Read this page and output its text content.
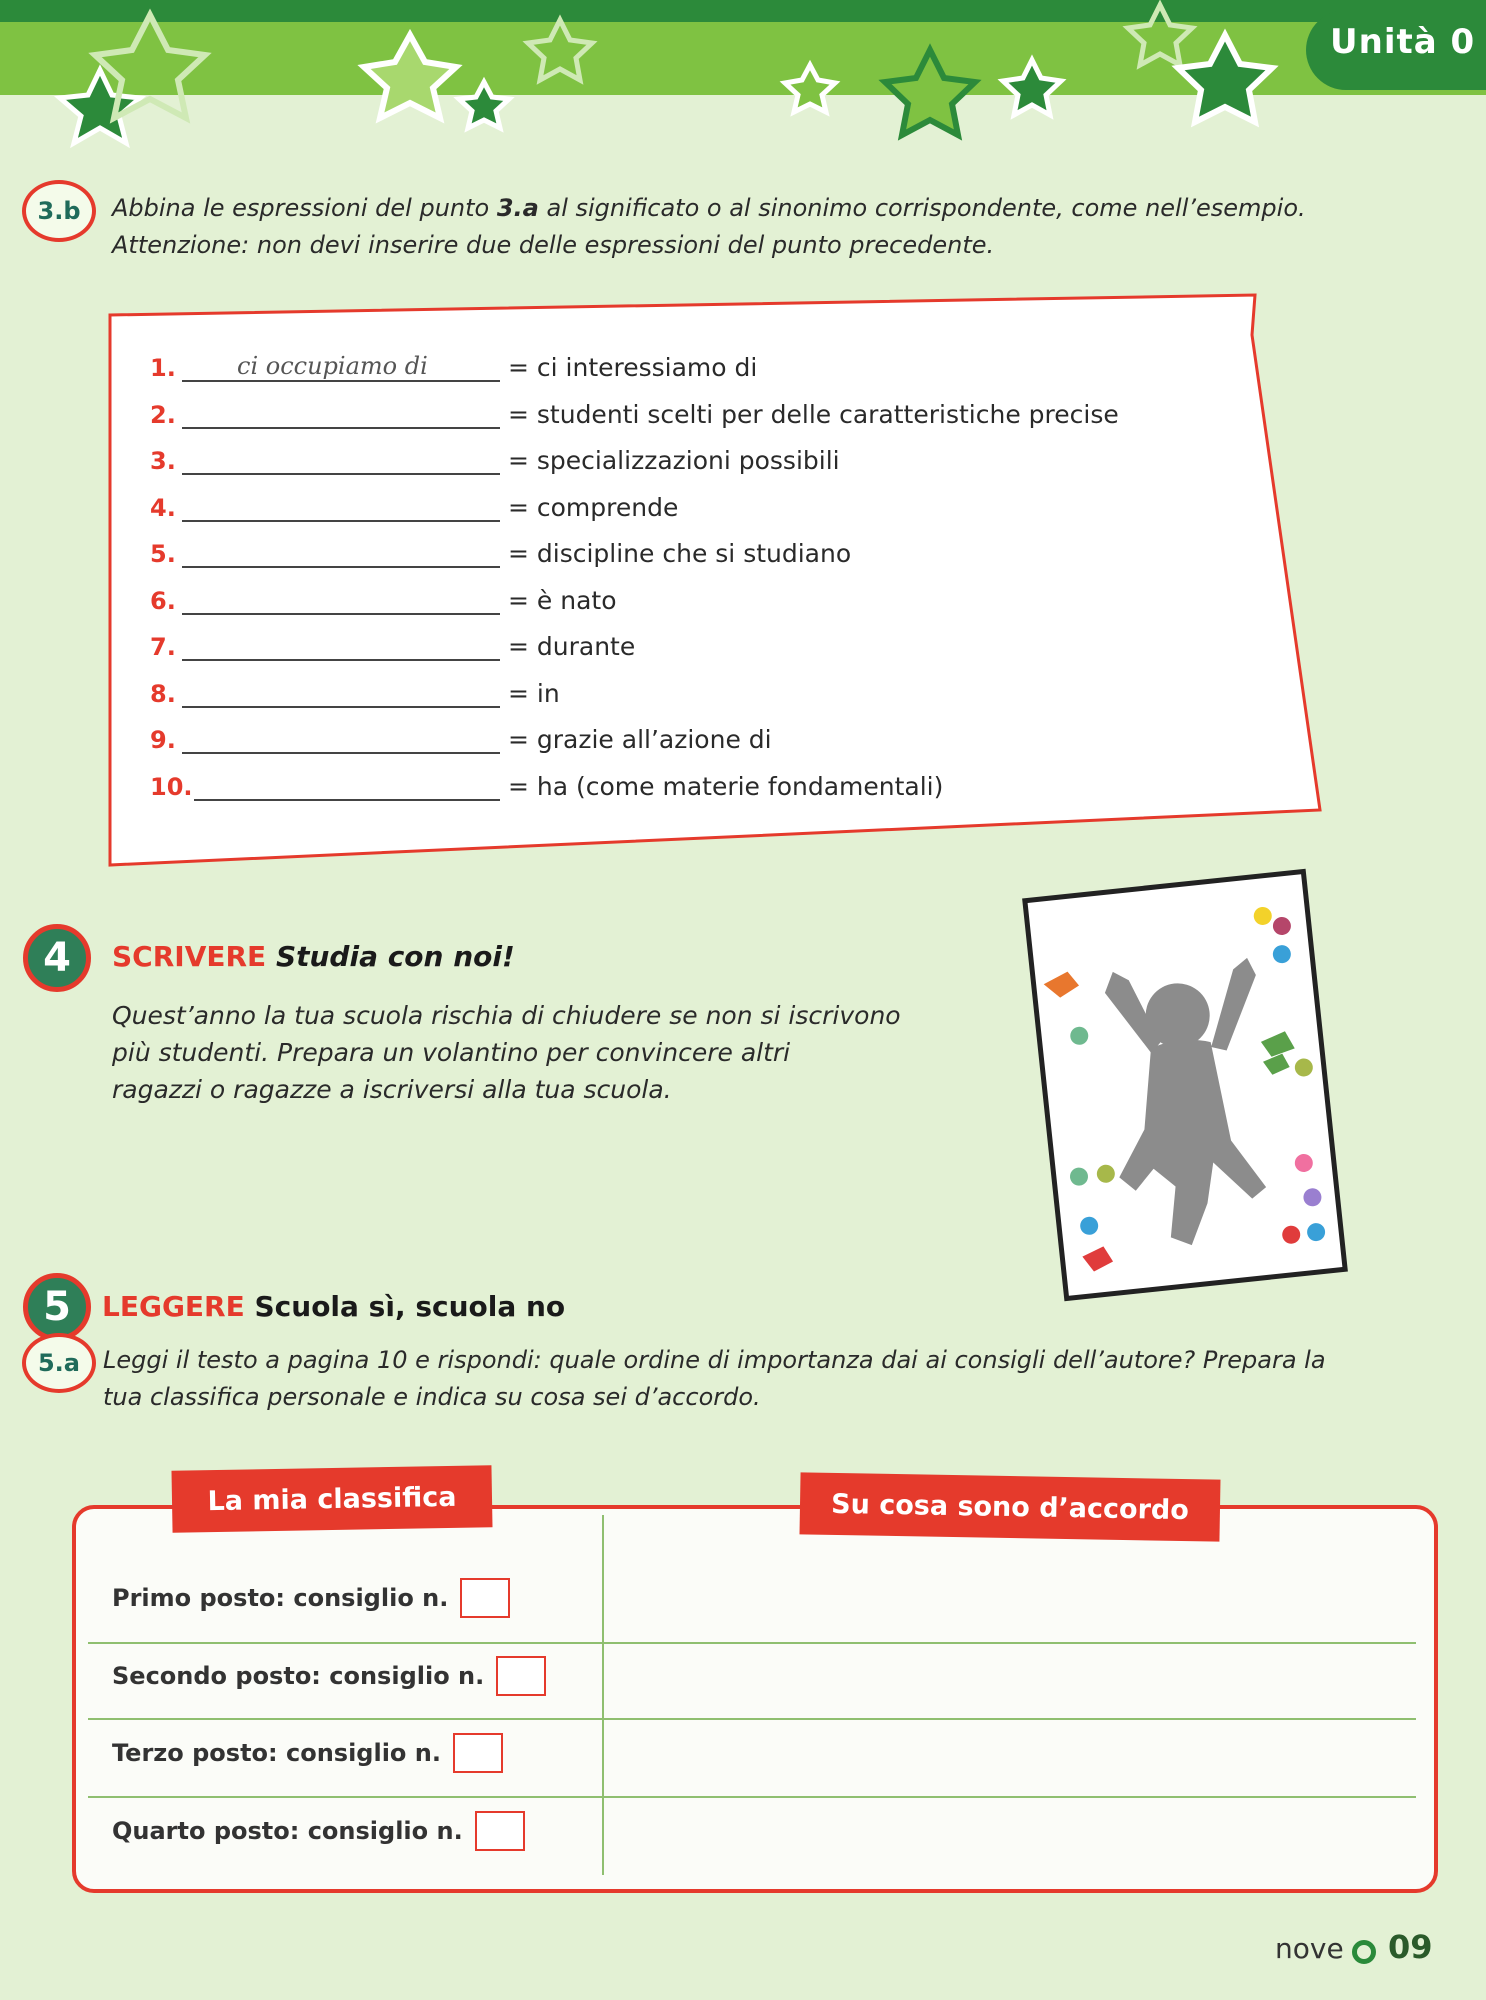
Unità 0
3.b	Abbina le espressioni del punto 3.a al significato o al sinonimo corrispondente, come nell’esempio.
Attenzione: non devi inserire due delle espressioni del punto precedente.
1.	ci occupiamo di	= ci interessiamo di
2.	= studenti scelti per delle caratteristiche precise
3.	= specializzazioni possibili
4.	= comprende
5.	= discipline che si studiano
6.	= è nato
7.	= durante
8.	= in
9.	= grazie all’azione di
10.	= ha (come materie fondamentali)
4	SCRIVERE Studia con noi!
Quest’anno la tua scuola rischia di chiudere se non si iscrivono
più studenti. Prepara un volantino per convincere altri
ragazzi o ragazze a iscriversi alla tua scuola.
5	LEGGERE Scuola sì, scuola no
5.a Leggi il testo a pagina 10 e rispondi: quale ordine di importanza dai ai consigli dell’autore? Prepara la
tua classifica personale e indica su cosa sei d’accordo.
La mia classifica	Su cosa sono d’accordo
Primo posto: consiglio n.
Secondo posto: consiglio n.
Terzo posto: consiglio n.
Quarto posto: consiglio n.
nove 09
